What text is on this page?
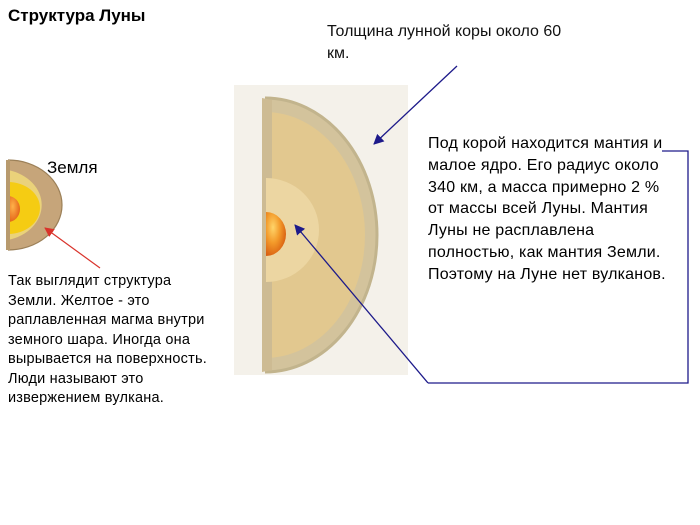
Структура Луны
Толщина лунной коры около 60 км.
Земля
Так выглядит структура Земли. Желтое - это раплавленная магма внутри земного шара. Иногда она вырывается на поверхность. Люди называют это извержением вулкана.
Под корой находится мантия и малое ядро. Его радиус около 340 км, а масса примерно 2 % от массы всей Луны. Мантия Луны не расплавлена полностью, как мантия Земли. Поэтому на Луне нет вулканов.
